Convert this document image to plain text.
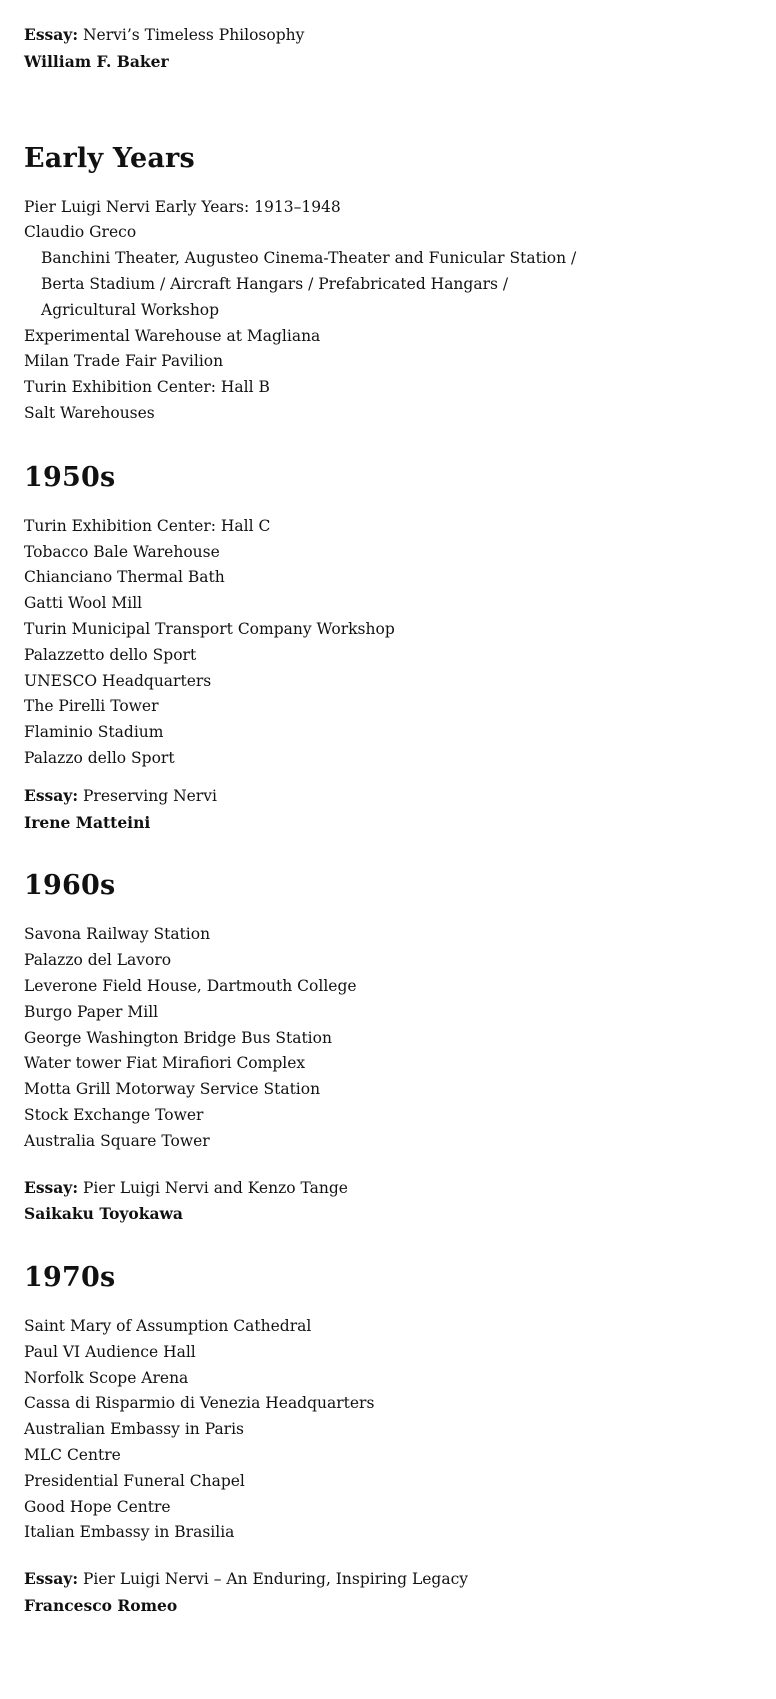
Essay: Nervi’s Timeless Philosophy

William F. Baker

Early Years

Pier Luigi Nervi Early Years: 1913–1948

Claudio Greco

Banchini Theater, Augusteo Cinema-Theater and Funicular Station /
Berta Stadium / Aircraft Hangars / Prefabricated Hangars /
Agricultural Workshop
Experimental Warehouse at Magliana
Milan Trade Fair Pavilion
Turin Exhibition Center: Hall B
Salt Warehouses
1950s
Turin Exhibition Center: Hall C
Tobacco Bale Warehouse
Chianciano Thermal Bath
Gatti Wool Mill
Turin Municipal Transport Company Workshop
Palazzetto dello Sport
UNESCO Headquarters
The Pirelli Tower
Flaminio Stadium
Palazzo dello Sport

Essay: Preserving Nervi

Irene Matteini

1960s
Savona Railway Station
Palazzo del Lavoro
Leverone Field House, Dartmouth College
Burgo Paper Mill
George Washington Bridge Bus Station
Water tower Fiat Mirafiori Complex
Motta Grill Motorway Service Station
Stock Exchange Tower
Australia Square Tower

Essay: Pier Luigi Nervi and Kenzo Tange

Saikaku Toyokawa

1970s
Saint Mary of Assumption Cathedral
Paul VI Audience Hall
Norfolk Scope Arena
Cassa di Risparmio di Venezia Headquarters
Australian Embassy in Paris
MLC Centre
Presidential Funeral Chapel
Good Hope Centre
Italian Embassy in Brasilia

Essay: Pier Luigi Nervi – An Enduring, Inspiring Legacy

Francesco Romeo
